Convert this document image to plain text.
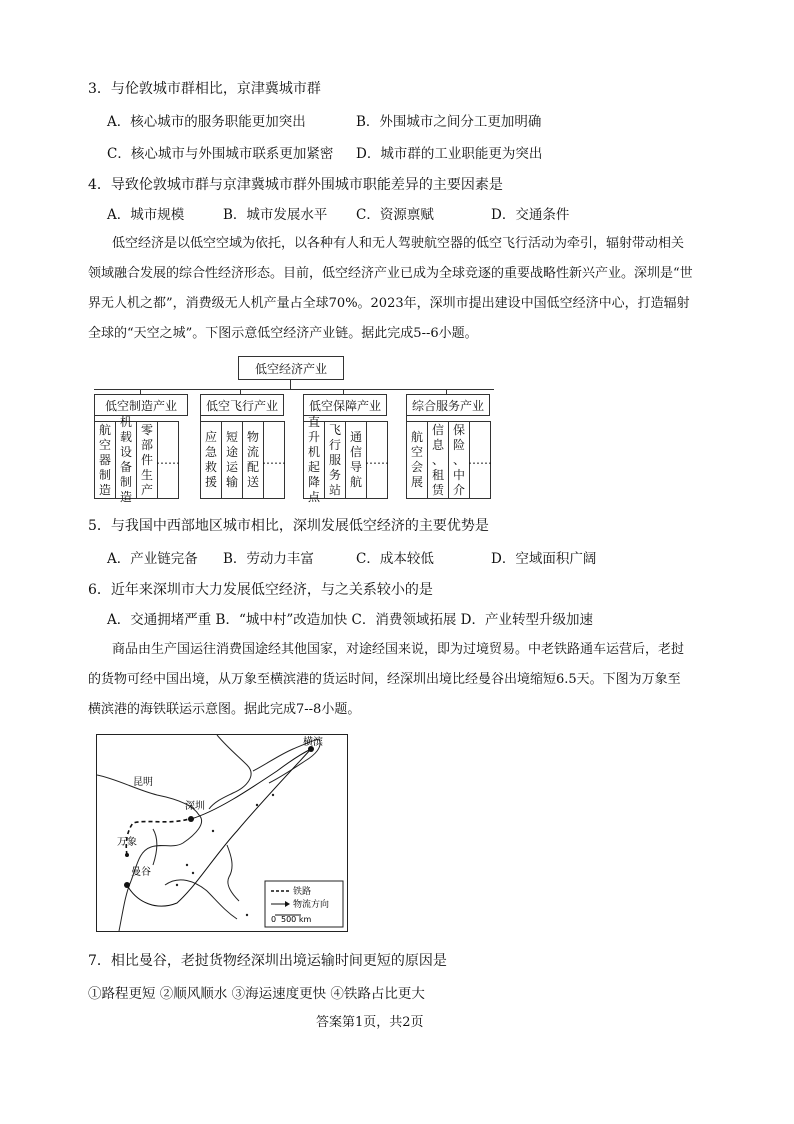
3．与伦敦城市群相比，京津冀城市群
A．核心城市的服务职能更加突出	B．外围城市之间分工更加明确
C．核心城市与外围城市联系更加紧密 D．城市群的工业职能更为突出
4．导致伦敦城市群与京津冀城市群外围城市职能差异的主要因素是
A．城市规模	B．城市发展水平 C．资源禀赋	D．交通条件
低空经济是以低空空域为依托，以各种有人和无人驾驶航空器的低空飞行活动为牵引，辐射带动相关
领域融合发展的综合性经济形态。目前，低空经济产业已成为全球竞逐的重要战略性新兴产业。深圳是“世
界无人机之都”，消费级无人机产量占全球70%。2023年，深圳市提出建设中国低空经济中心，打造辐射
全球的“天空之城”。下图示意低空经济产业链。据此完成5--6小题。
低空经济产业
低空制造产业	低空飞行产业	低空保障产业	综合服务产业
航
空
器
制
造
机
载
设
备
制
造
零
部
件
生
产
……
应
急
救
援
短
途
运
输
物
流
配
送
……
直
升
机
起
降
点
飞
行
服
务
站
通
信
导
航
……
航
空
会
展
信
息
、
租
赁
保
险
、
中
介
……
5．与我国中西部地区城市相比，深圳发展低空经济的主要优势是
A．产业链完备 B．劳动力丰富	C．成本较低	D．空域面积广阔
6．近年来深圳市大力发展低空经济，与之关系较小的是
A．交通拥堵严重 B．“城中村”改造加快 C．消费领域拓展 D．产业转型升级加速
商品由生产国运往消费国途经其他国家，对途经国来说，即为过境贸易。中老铁路通车运营后，老挝
的货物可经中国出境，从万象至横滨港的货运时间，经深圳出境比经曼谷出境缩短6.5天。下图为万象至
横滨港的海铁联运示意图。据此完成7--8小题。
横滨
昆明
深圳
万象
曼谷
铁路
物流方向
0 500 km
7．相比曼谷，老挝货物经深圳出境运输时间更短的原因是
①路程更短 ②顺风顺水 ③海运速度更快 ④铁路占比更大
答案第1页，共2页
